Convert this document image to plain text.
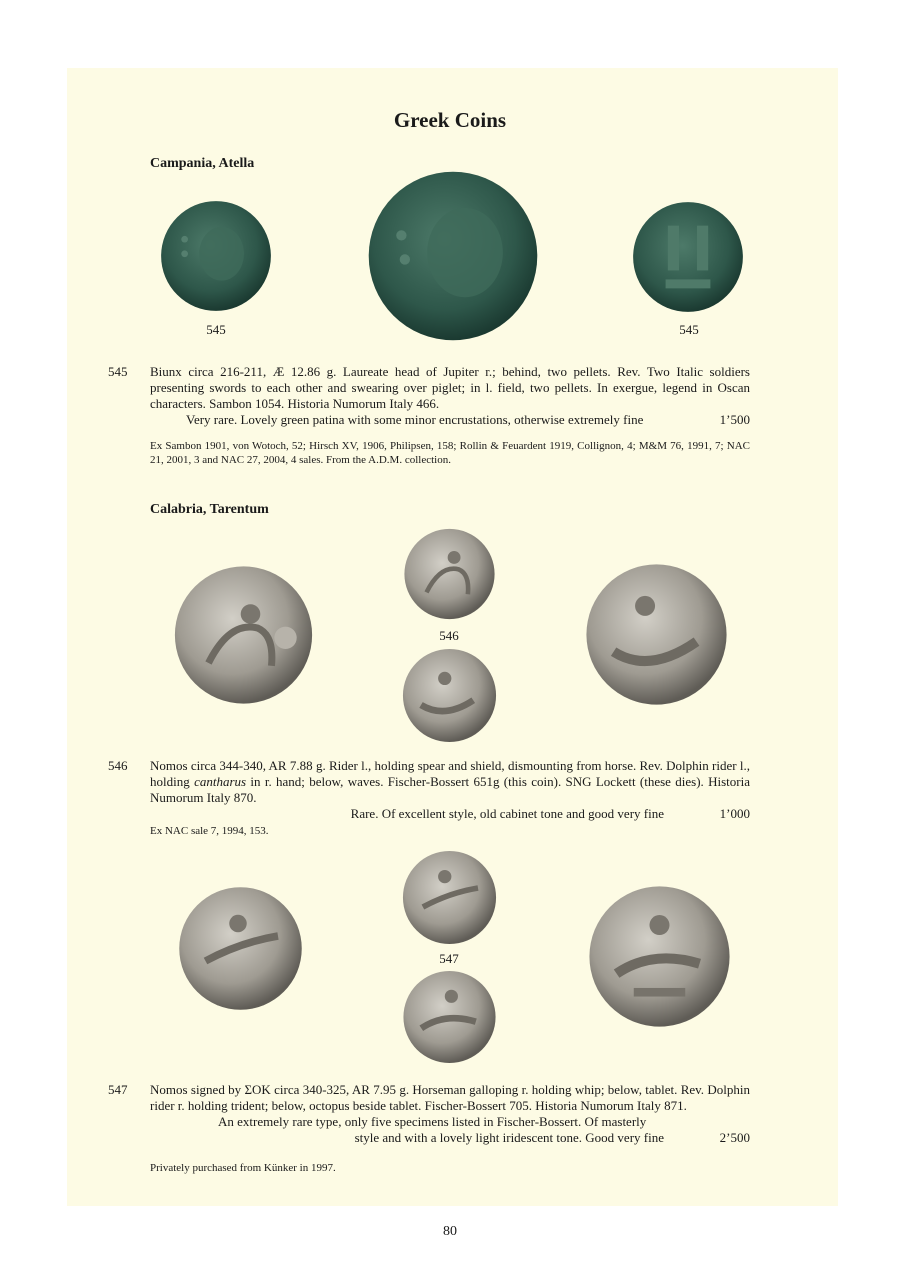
Greek Coins
Campania, Atella
545	545
545 Biunx circa 216-211, Æ 12.86 g. Laureate head of Jupiter r.; behind, two pellets. Rev. Two Italic soldiers presenting swords to each other and swearing over piglet; in l. field, two pellets. In exergue, legend in Oscan characters. Sambon 1054. Historia Numorum Italy 466.
Very rare. Lovely green patina with some minor encrustations, otherwise extremely fine	1’500
Ex Sambon 1901, von Wotoch, 52; Hirsch XV, 1906, Philipsen, 158; Rollin & Feuardent 1919, Collignon, 4; M&M 76, 1991, 7; NAC 21, 2001, 3 and NAC 27, 2004, 4 sales. From the A.D.M. collection.
Calabria, Tarentum
546
546 Nomos circa 344-340, AR 7.88 g. Rider l., holding spear and shield, dismounting from horse. Rev. Dolphin rider l., holding cantharus in r. hand; below, waves. Fischer-Bossert 651g (this coin). SNG Lockett (these dies). Historia Numorum Italy 870.
Rare. Of excellent style, old cabinet tone and good very fine	1’000
Ex NAC sale 7, 1994, 153.
547
547 Nomos signed by ΣΟΚ circa 340-325, AR 7.95 g. Horseman galloping r. holding whip; below, tablet. Rev. Dolphin rider r. holding trident; below, octopus beside tablet. Fischer-Bossert 705. Historia Numorum Italy 871.
An extremely rare type, only five specimens listed in Fischer-Bossert. Of masterly
style and with a lovely light iridescent tone. Good very fine	2’500
Privately purchased from Künker in 1997.
80
